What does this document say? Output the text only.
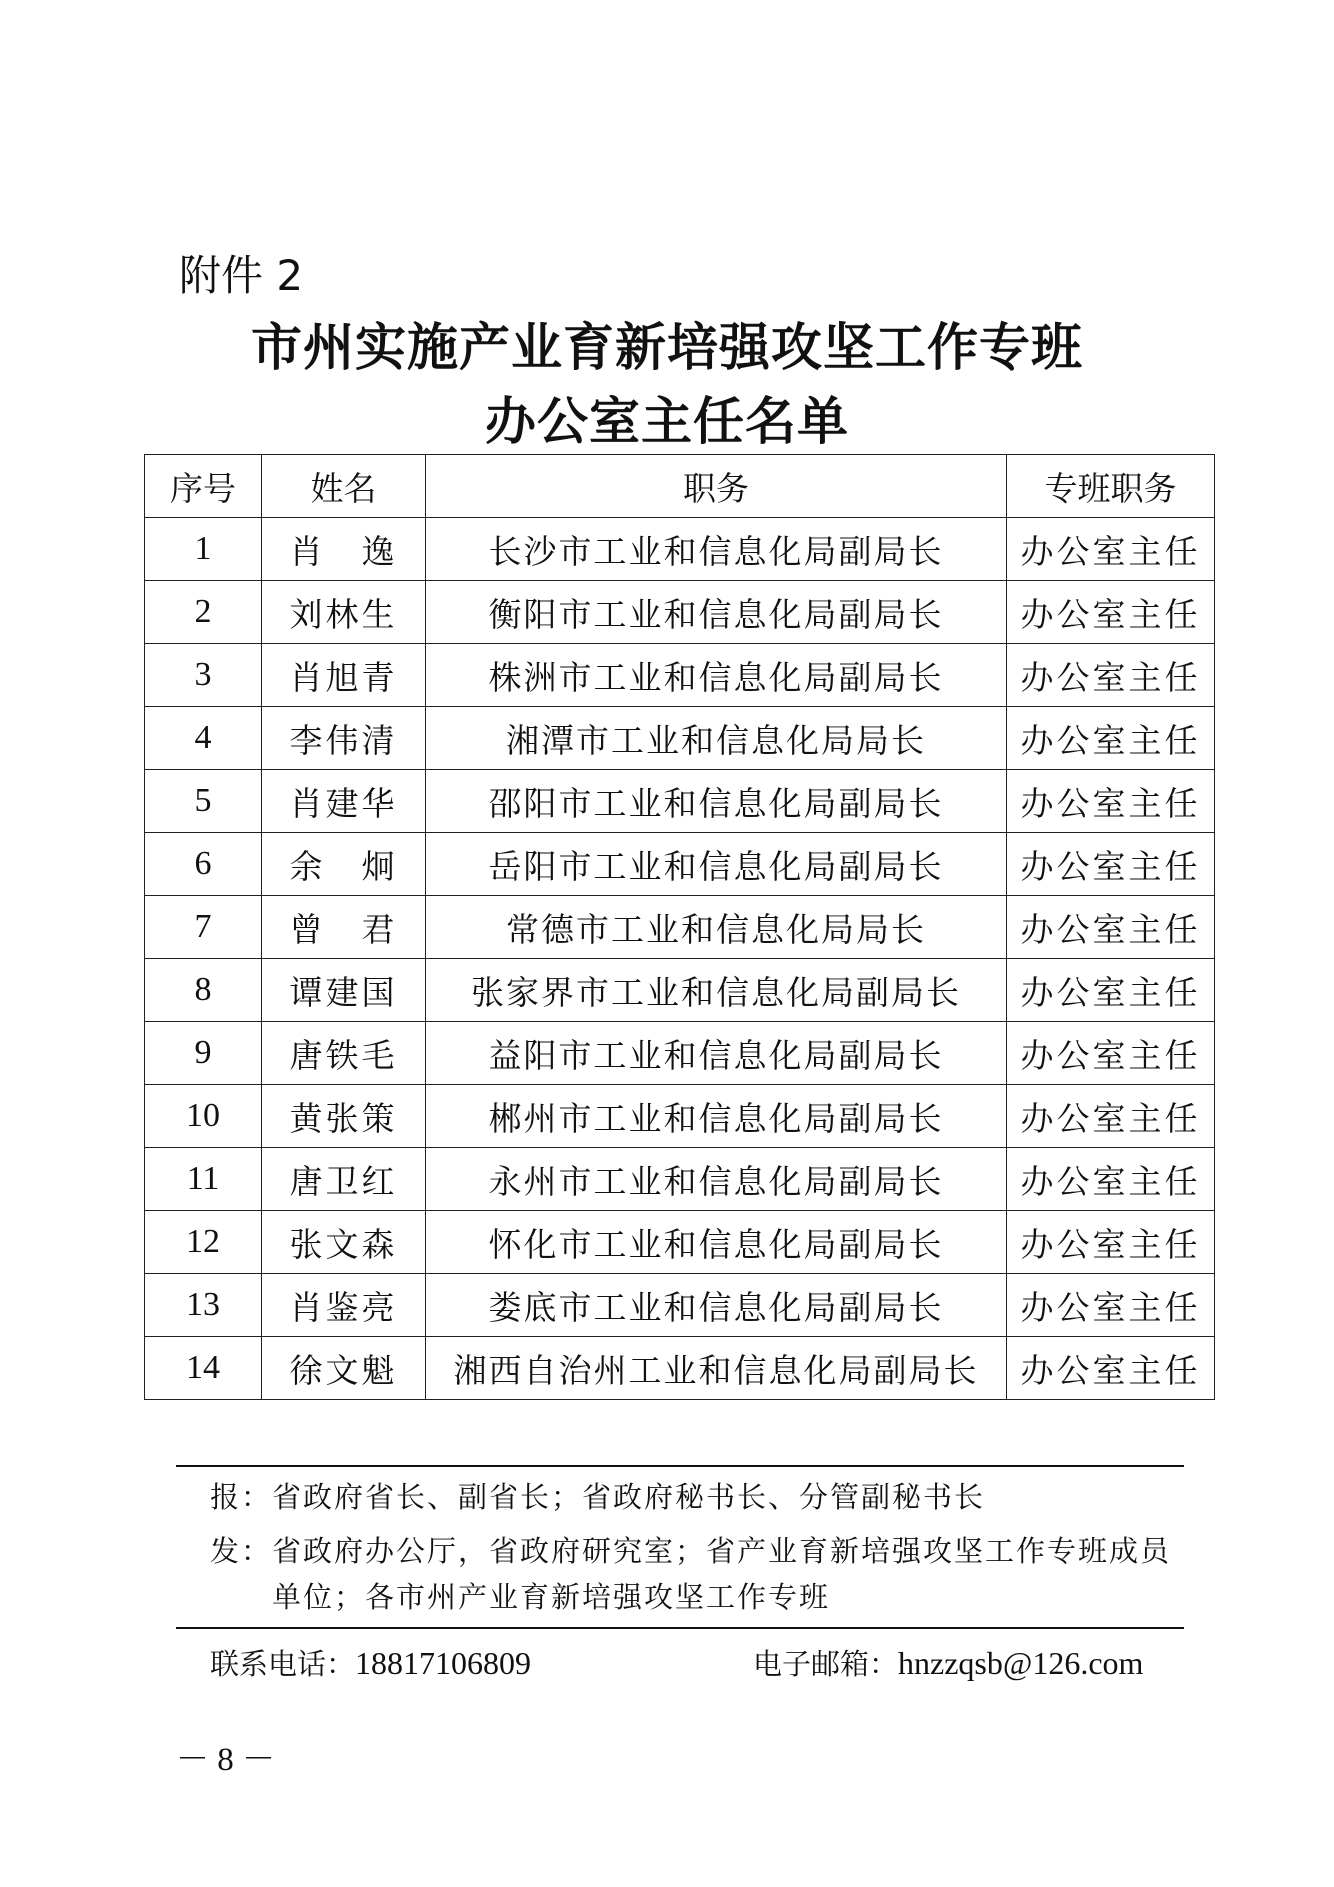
附件 2
市州实施产业育新培强攻坚工作专班
办公室主任名单
序号	姓名	职务	专班职务
1	肖　逸	长沙市工业和信息化局副局长	办公室主任
2	刘林生	衡阳市工业和信息化局副局长	办公室主任
3	肖旭青	株洲市工业和信息化局副局长	办公室主任
4	李伟清	湘潭市工业和信息化局局长	办公室主任
5	肖建华	邵阳市工业和信息化局副局长	办公室主任
6	余　炯	岳阳市工业和信息化局副局长	办公室主任
7	曾　君	常德市工业和信息化局局长	办公室主任
8	谭建国	张家界市工业和信息化局副局长	办公室主任
9	唐铁毛	益阳市工业和信息化局副局长	办公室主任
10	黄张策	郴州市工业和信息化局副局长	办公室主任
11	唐卫红	永州市工业和信息化局副局长	办公室主任
12	张文森	怀化市工业和信息化局副局长	办公室主任
13	肖鉴亮	娄底市工业和信息化局副局长	办公室主任
14	徐文魁	湘西自治州工业和信息化局副局长	办公室主任
报：省政府省长、副省长；省政府秘书长、分管副秘书长
发：省政府办公厅，省政府研究室；省产业育新培强攻坚工作专班成员
单位；各市州产业育新培强攻坚工作专班
联系电话：18817106809	电子邮箱：hnzzqsb@126.com
－ 8 －
